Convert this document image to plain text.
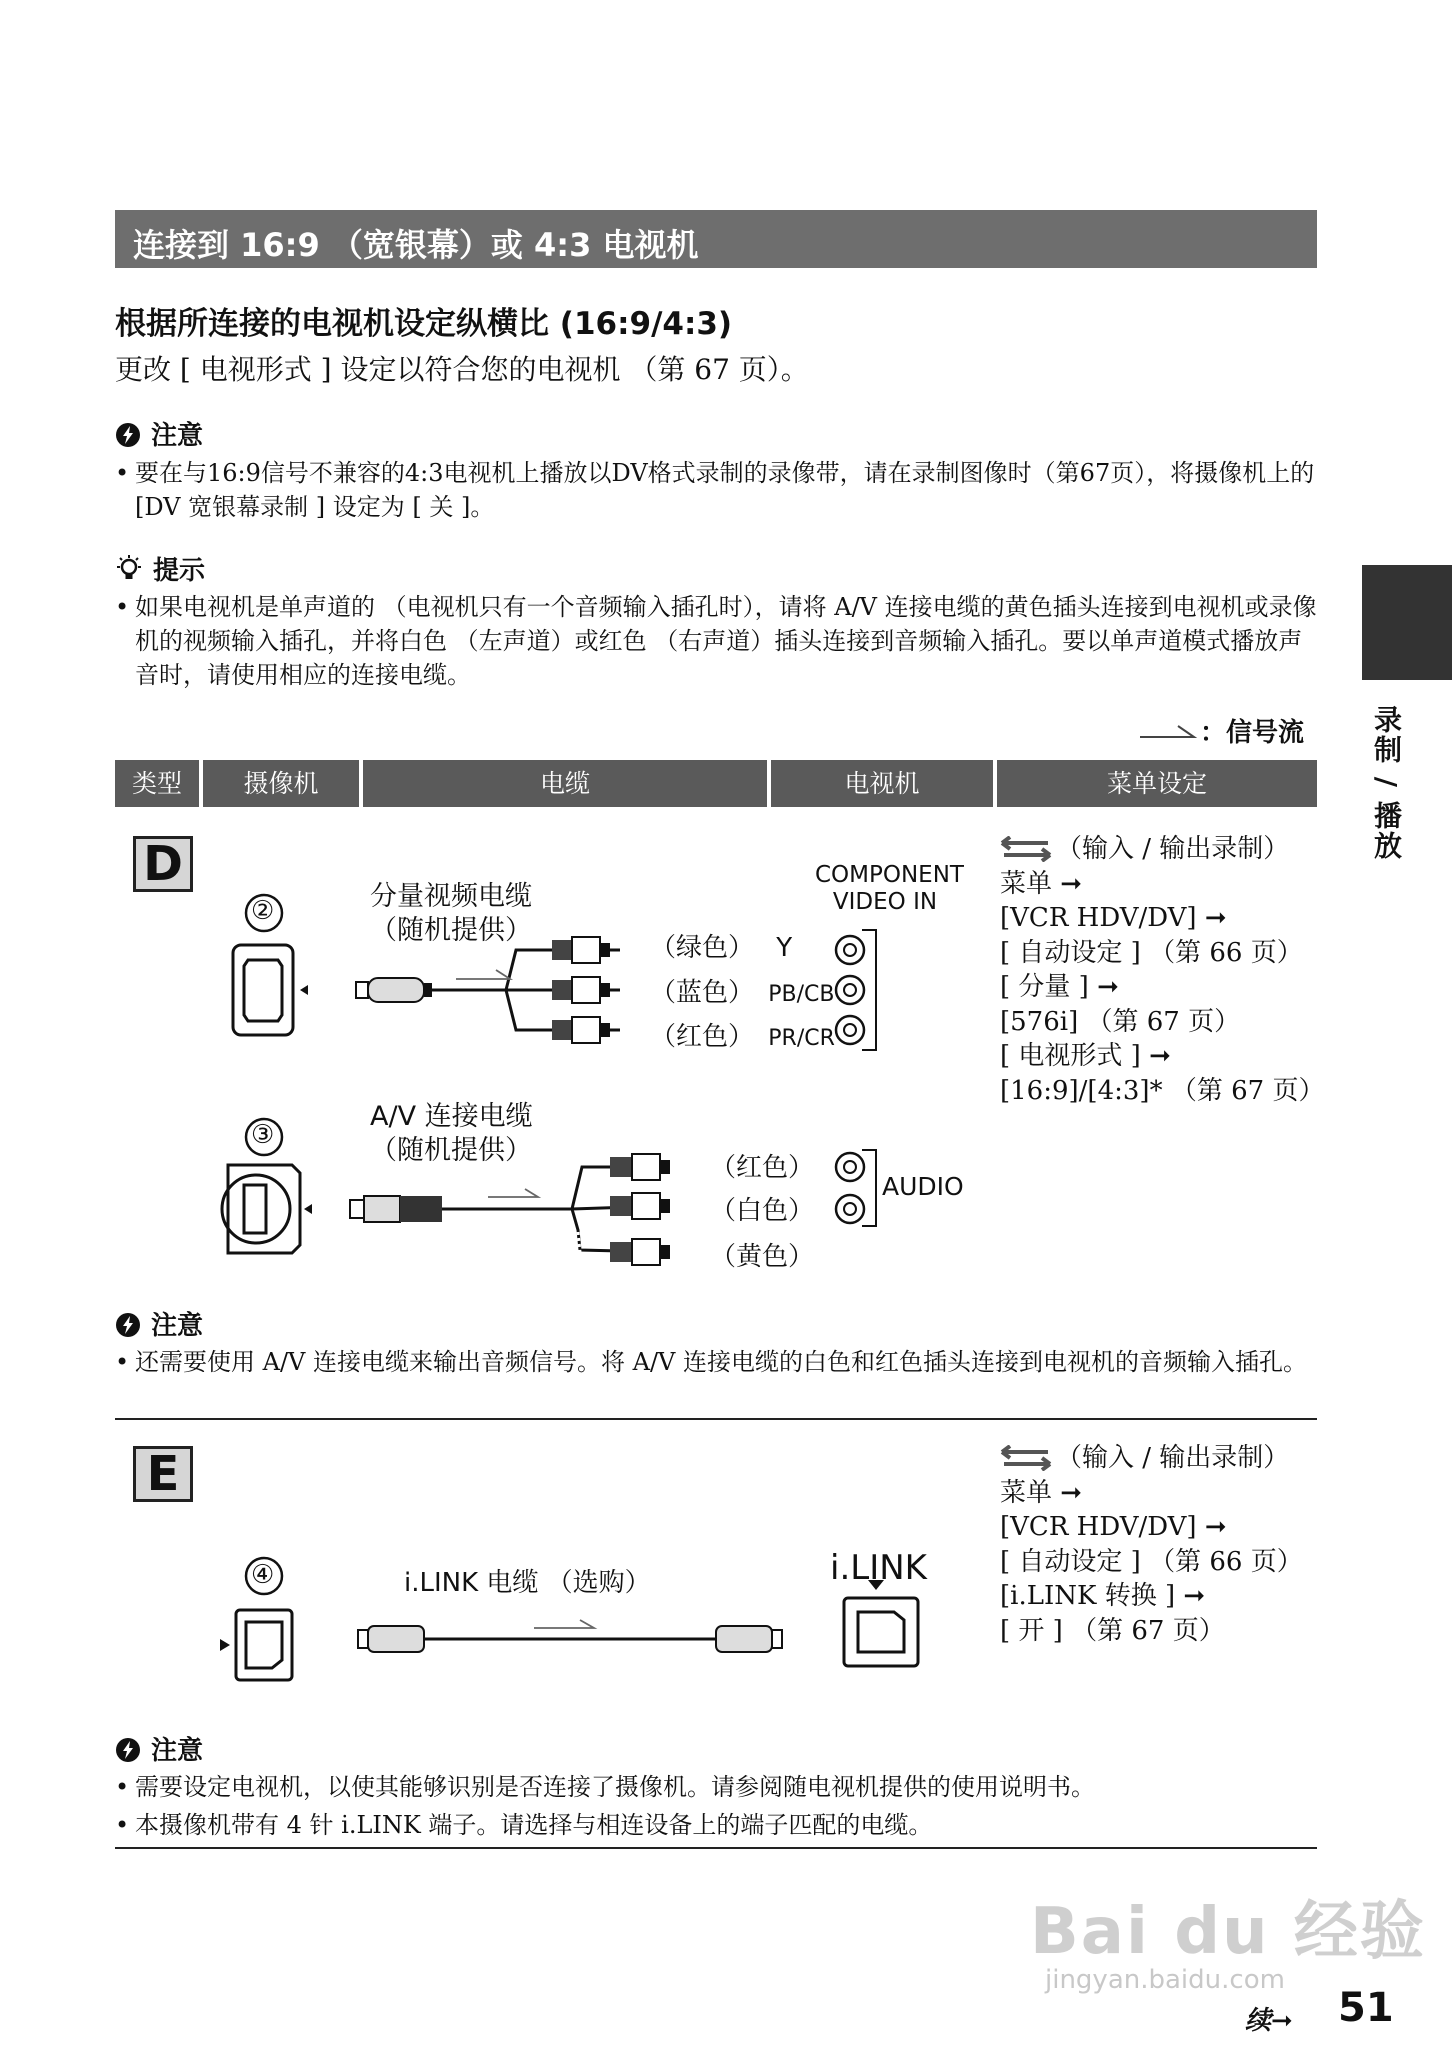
连接到 16:9 （宽银幕）或 4:3 电视机
根据所连接的电视机设定纵横比 (16:9/4:3)
更改 [ 电视形式 ] 设定以符合您的电视机 （第 67 页）。
注意
• 要在与16:9信号不兼容的4:3电视机上播放以DV格式录制的录像带，请在录制图像时（第67页），将摄像机上的 [DV 宽银幕录制 ] 设定为 [ 关 ]。
提示
• 如果电视机是单声道的 （电视机只有一个音频输入插孔时），请将 A/V 连接电缆的黄色插头连接到电视机或录像机的视频输入插孔，并将白色 （左声道）或红色 （右声道）插头连接到音频输入插孔。要以单声道模式播放声音时，请使用相应的连接电缆。
：信号流 录制 / 播放
类型	摄像机	电缆	电视机	菜单设定
D
②
③
分量视频电缆
（随机提供）
COMPONENT
VIDEO IN
（绿色） Y
（蓝色） PB/CB
（红色） PR/CR
A/V 连接电缆
（随机提供）
（红色）
（白色）
（黄色）
AUDIO
（输入 / 输出录制）
菜单 ➞
[VCR HDV/DV] ➞
[ 自动设定 ] （第 66 页）
[ 分量 ] ➞
[576i] （第 67 页）
[ 电视形式 ] ➞
[16:9]/[4:3]* （第 67 页）
注意
• 还需要使用 A/V 连接电缆来输出音频信号。将 A/V 连接电缆的白色和红色插头连接到电视机的音频输入插孔。
E
④	i.LINK 电缆 （选购）	i.LINK
（输入 / 输出录制）
菜单 ➞
[VCR HDV/DV] ➞
[ 自动设定 ] （第 66 页）
[i.LINK 转换 ] ➞
[ 开 ] （第 67 页）
注意
• 需要设定电视机，以使其能够识别是否连接了摄像机。请参阅随电视机提供的使用说明书。
• 本摄像机带有 4 针 i.LINK 端子。请选择与相连设备上的端子匹配的电缆。
Bai du 经验
jingyan.baidu.com
续➞ 51
